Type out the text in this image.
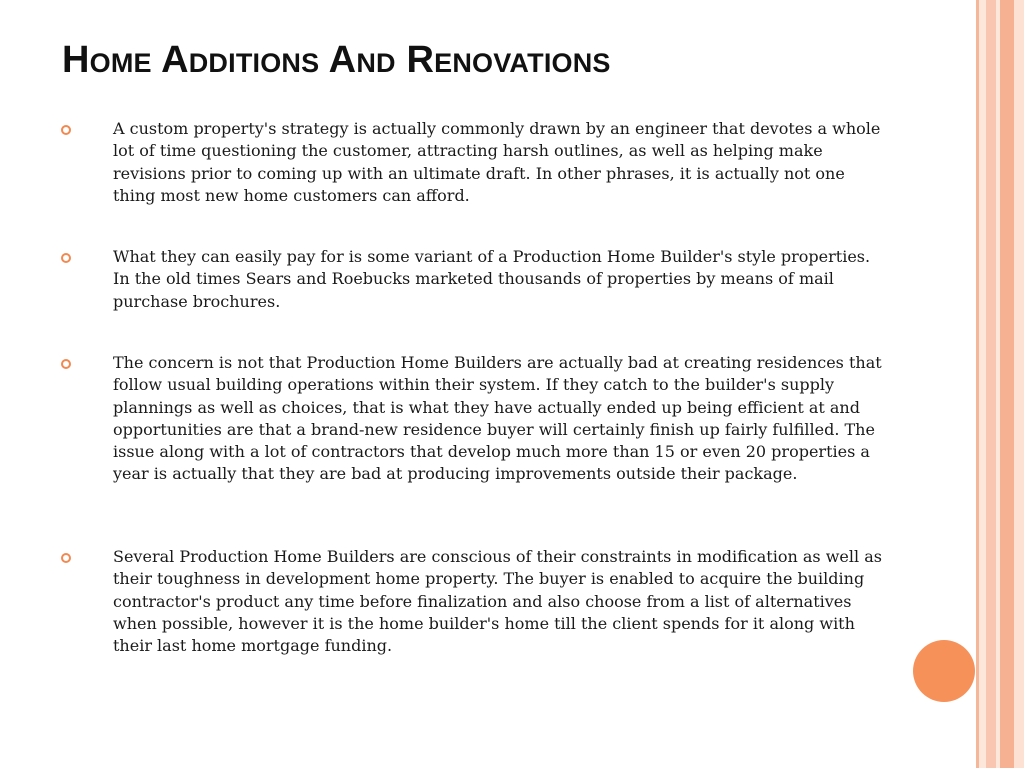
Home Additions And Renovations

A custom property's strategy is actually commonly drawn by an engineer that devotes a whole lot of time questioning the customer, attracting harsh outlines, as well as helping make revisions prior to coming up with an ultimate draft. In other phrases, it is actually not one thing most new home customers can afford.

What they can easily pay for is some variant of a Production Home Builder's style properties. In the old times Sears and Roebucks marketed thousands of properties by means of mail purchase brochures.

The concern is not that Production Home Builders are actually bad at creating residences that follow usual building operations within their system. If they catch to the builder's supply plannings as well as choices, that is what they have actually ended up being efficient at and opportunities are that a brand-new residence buyer will certainly finish up fairly fulfilled. The issue along with a lot of contractors that develop much more than 15 or even 20 properties a year is actually that they are bad at producing improvements outside their package.

Several Production Home Builders are conscious of their constraints in modification as well as their toughness in development home property. The buyer is enabled to acquire the building contractor's product any time before finalization and also choose from a list of alternatives when possible, however it is the home builder's home till the client spends for it along with their last home mortgage funding.
